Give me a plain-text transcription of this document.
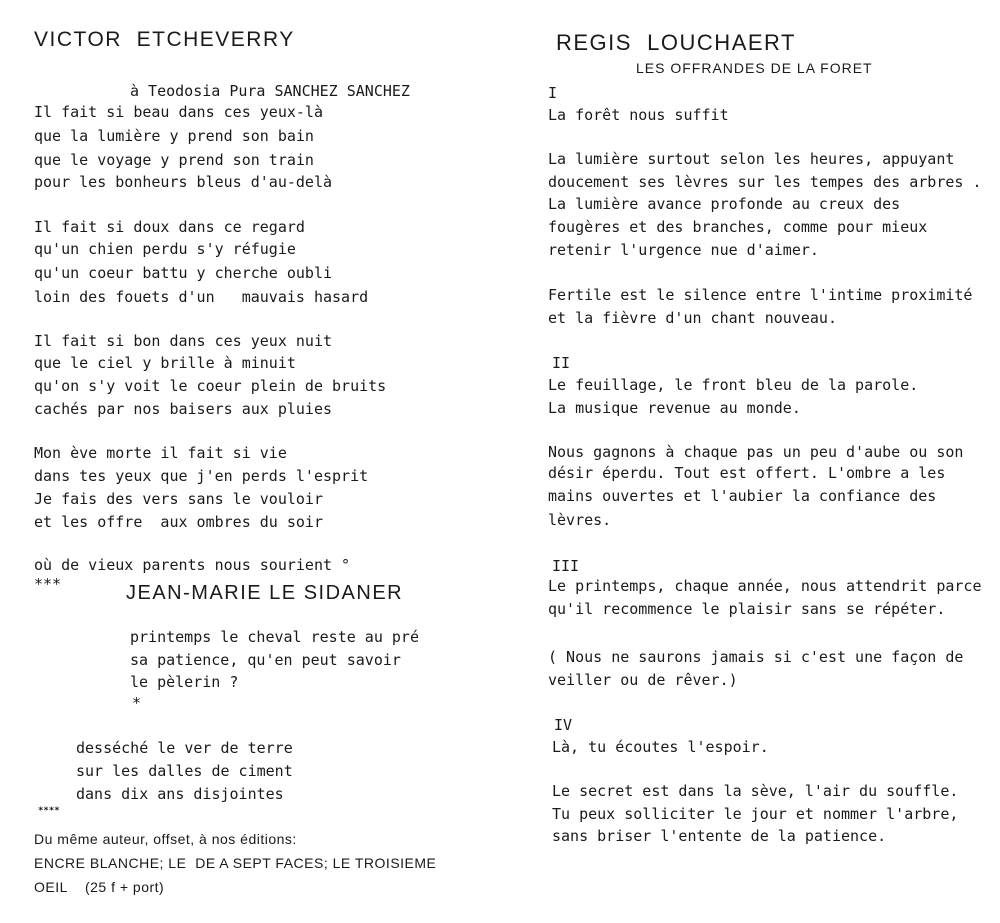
VICTOR  ETCHEVERRY
à Teodosia Pura SANCHEZ SANCHEZ
Il fait si beau dans ces yeux-là
que la lumière y prend son bain
que le voyage y prend son train
pour les bonheurs bleus d'au-delà
Il fait si doux dans ce regard
qu'un chien perdu s'y réfugie
qu'un coeur battu y cherche oubli
loin des fouets d'un   mauvais hasard
Il fait si bon dans ces yeux nuit
que le ciel y brille à minuit
qu'on s'y voit le coeur plein de bruits
cachés par nos baisers aux pluies
Mon ève morte il fait si vie
dans tes yeux que j'en perds l'esprit
Je fais des vers sans le vouloir
et les offre  aux ombres du soir
où de vieux parents nous sourient °
***	JEAN-MARIE LE SIDANER
printemps le cheval reste au pré
sa patience, qu'en peut savoir
le pèlerin ?
*
desséché le ver de terre
sur les dalles de ciment
dans dix ans disjointes
****
Du même auteur, offset, à nos éditions:
ENCRE BLANCHE; LE  DE A SEPT FACES; LE TROISIEME
OEIL    (25 f + port)
REGIS  LOUCHAERT
LES OFFRANDES DE LA FORET
I
La forêt nous suffit
La lumière surtout selon les heures, appuyant
doucement ses lèvres sur les tempes des arbres .
La lumière avance profonde au creux des
fougères et des branches, comme pour mieux
retenir l'urgence nue d'aimer.
Fertile est le silence entre l'intime proximité
et la fièvre d'un chant nouveau.
II
Le feuillage, le front bleu de la parole.
La musique revenue au monde.
Nous gagnons à chaque pas un peu d'aube ou son
désir éperdu. Tout est offert. L'ombre a les
mains ouvertes et l'aubier la confiance des
lèvres.
III
Le printemps, chaque année, nous attendrit parce
qu'il recommence le plaisir sans se répéter.
( Nous ne saurons jamais si c'est une façon de
veiller ou de rêver.)
IV
Là, tu écoutes l'espoir.
Le secret est dans la sève, l'air du souffle.
Tu peux solliciter le jour et nommer l'arbre,
sans briser l'entente de la patience.
